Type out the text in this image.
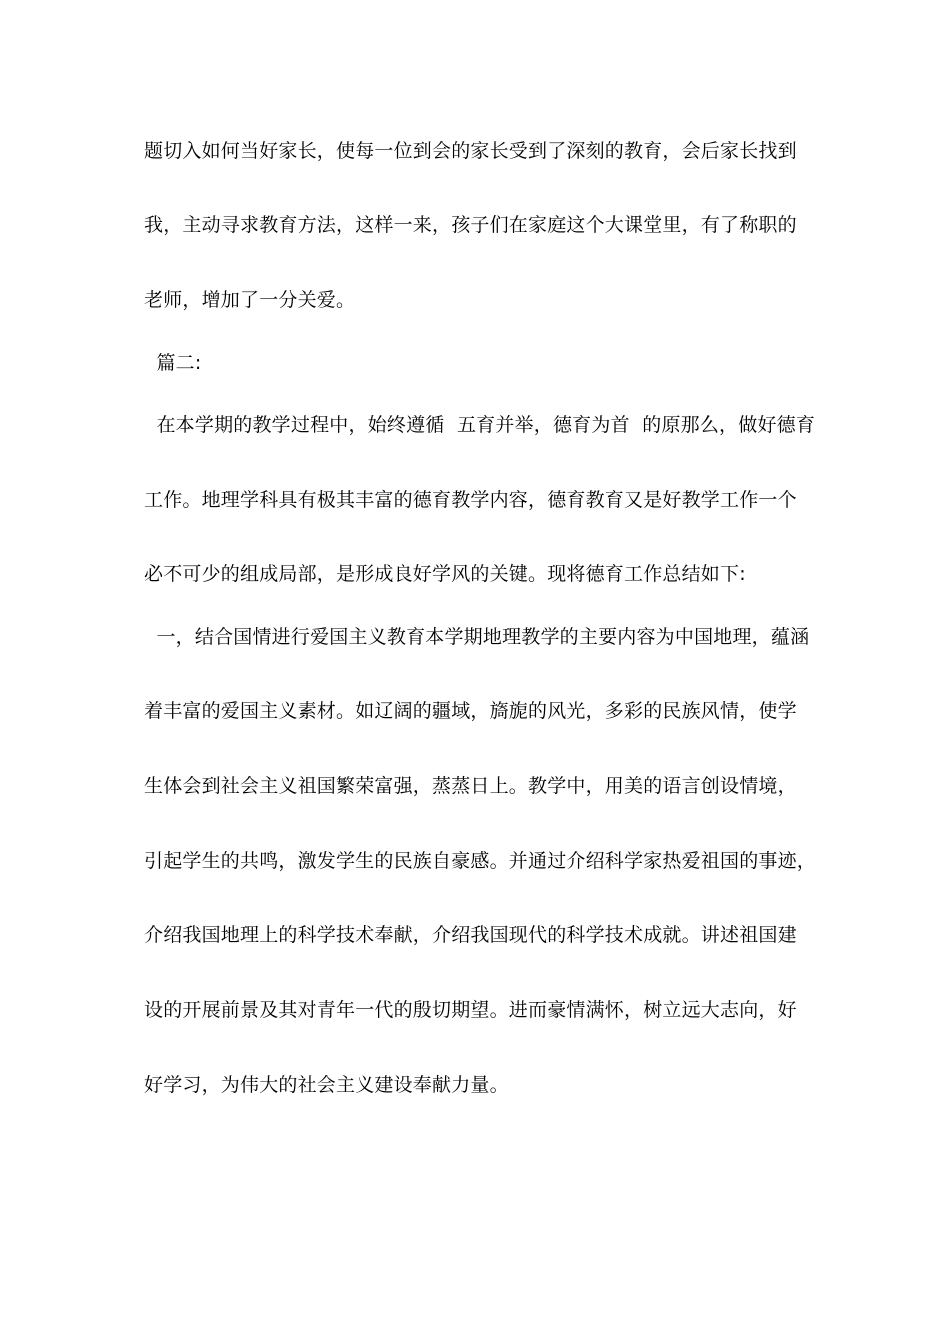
题切入如何当好家长，使每一位到会的家长受到了深刻的教育，会后家长找到
我，主动寻求教育方法，这样一来，孩子们在家庭这个大课堂里，有了称职的
老师，增加了一分关爱。
篇二:
在本学期的教学过程中，始终遵循  五育并举，德育为首  的原那么，做好德育
工作。地理学科具有极其丰富的德育教学内容，德育教育又是好教学工作一个
必不可少的组成局部，是形成良好学风的关键。现将德育工作总结如下:
一，结合国情进行爱国主义教育本学期地理教学的主要内容为中国地理，蕴涵
着丰富的爱国主义素材。如辽阔的疆域，旖旎的风光，多彩的民族风情，使学
生体会到社会主义祖国繁荣富强，蒸蒸日上。教学中，用美的语言创设情境，
引起学生的共鸣，激发学生的民族自豪感。并通过介绍科学家热爱祖国的事迹，
介绍我国地理上的科学技术奉献，介绍我国现代的科学技术成就。讲述祖国建
设的开展前景及其对青年一代的殷切期望。进而豪情满怀，树立远大志向，好
好学习，为伟大的社会主义建设奉献力量。
